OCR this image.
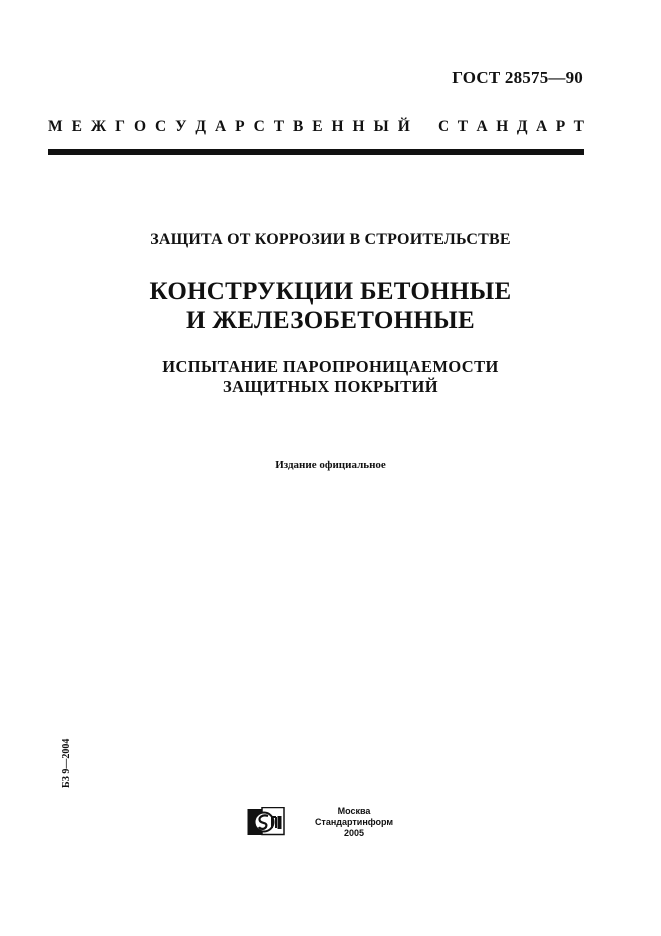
ГОСТ 28575—90
М Е Ж Г О С У Д А Р С Т В Е Н Н Ы Й С Т А Н Д А Р Т
ЗАЩИТА ОТ КОРРОЗИИ В СТРОИТЕЛЬСТВЕ
КОНСТРУКЦИИ БЕТОННЫЕ
И ЖЕЛЕЗОБЕТОННЫЕ
ИСПЫТАНИЕ ПАРОПРОНИЦАЕМОСТИ
ЗАЩИТНЫХ ПОКРЫТИЙ
Издание официальное
БЗ 9—2004
Москва
Стандартинформ
2005
